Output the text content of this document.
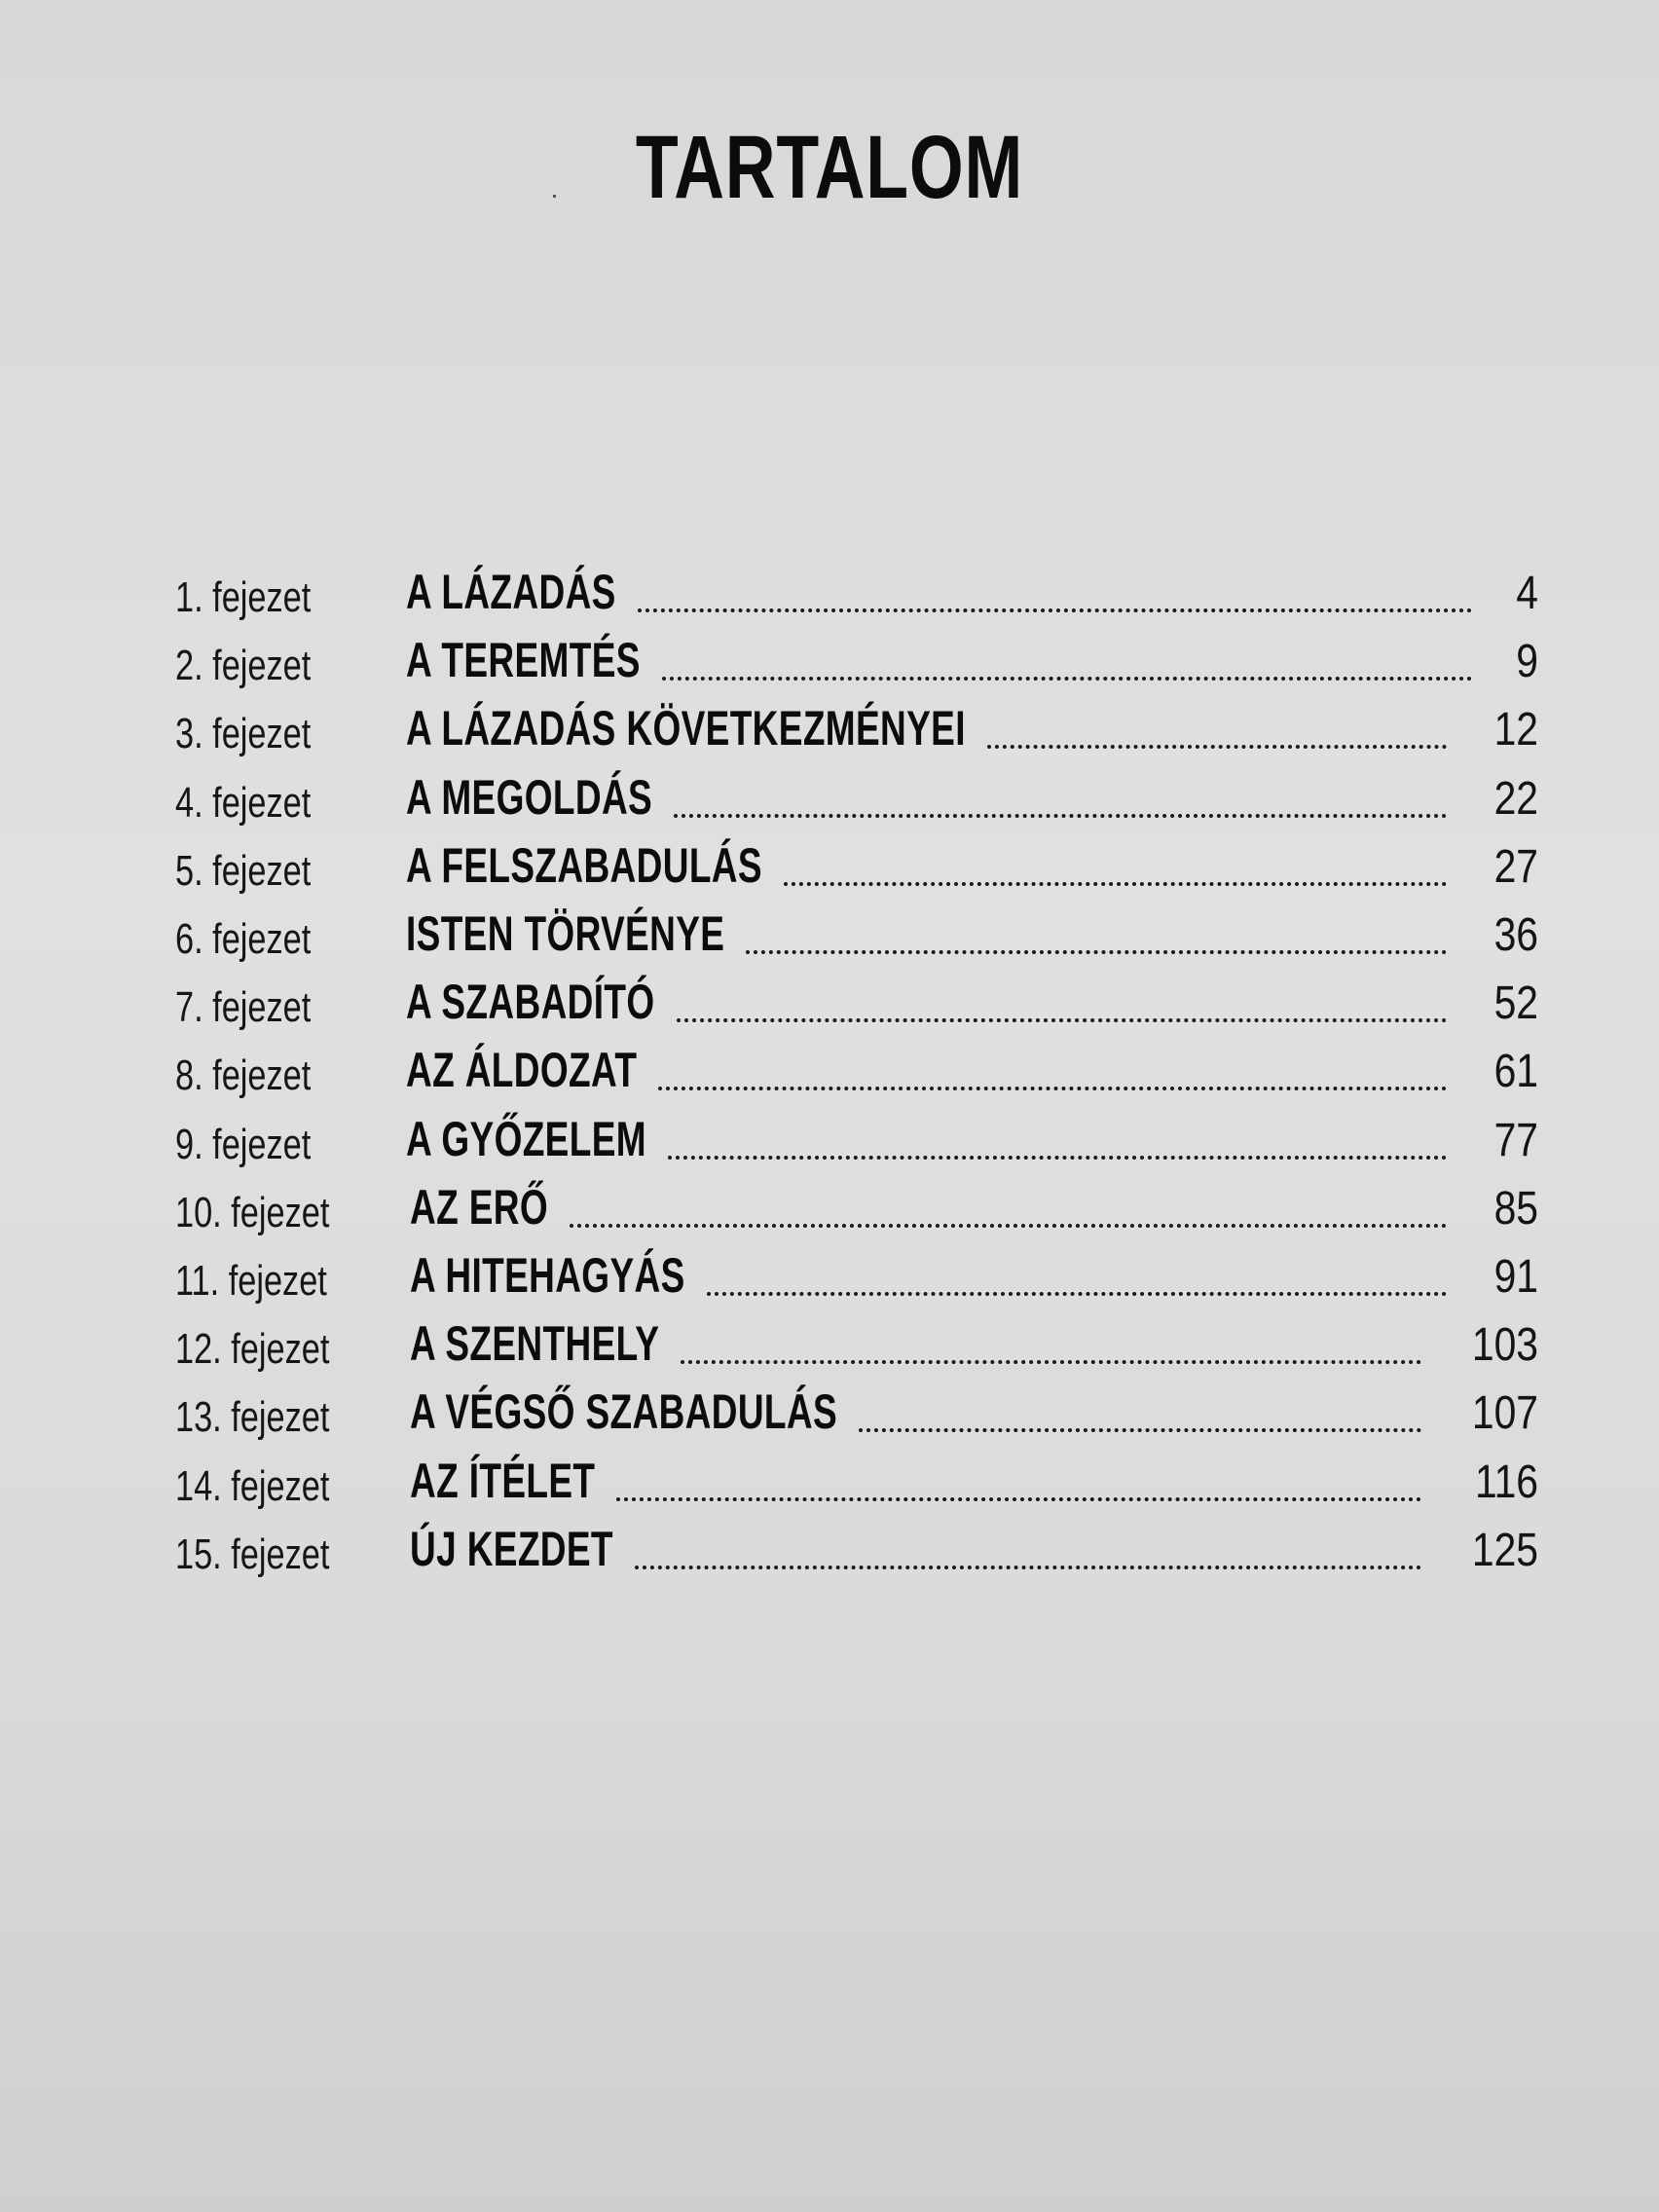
TARTALOM
1. fejezet	A LÁZADÁS	4
2. fejezet	A TEREMTÉS	9
3. fejezet	A LÁZADÁS KÖVETKEZMÉNYEI	12
4. fejezet	A MEGOLDÁS	22
5. fejezet	A FELSZABADULÁS	27
6. fejezet	ISTEN TÖRVÉNYE	36
7. fejezet	A SZABADÍTÓ	52
8. fejezet	AZ ÁLDOZAT	61
9. fejezet	A GYŐZELEM	77
10. fejezet	AZ ERŐ	85
11. fejezet	A HITEHAGYÁS	91
12. fejezet	A SZENTHELY	103
13. fejezet	A VÉGSŐ SZABADULÁS	107
14. fejezet	AZ ÍTÉLET	116
15. fejezet	ÚJ KEZDET	125
